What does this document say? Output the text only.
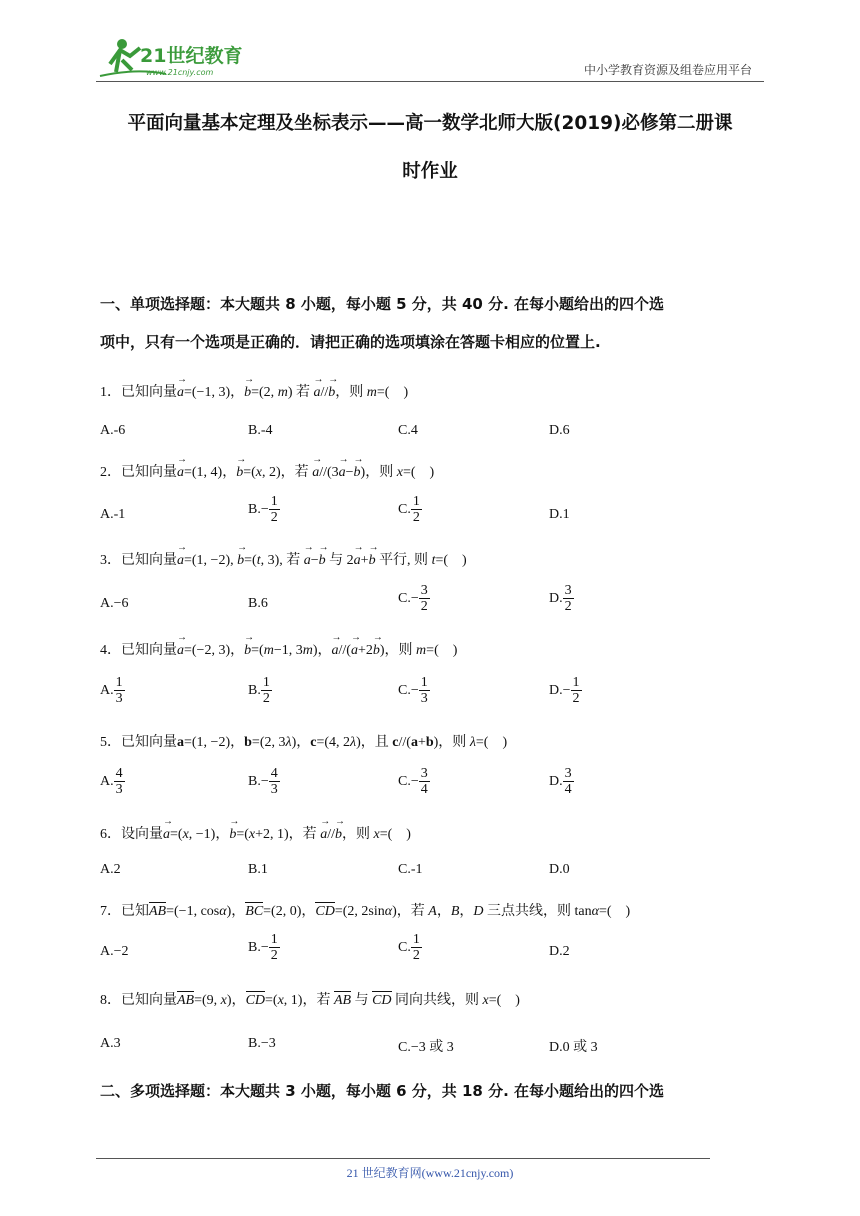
21世纪教育
www.21cnjy.com	中小学教育资源及组卷应用平台
平面向量基本定理及坐标表示——高一数学北师大版(2019)必修第二册课
时作业
一、单项选择题：本大题共 8 小题，每小题 5 分，共 40 分. 在每小题给出的四个选
项中，只有一个选项是正确的．请把正确的选项填涂在答题卡相应的位置上.
1．已知向量→ a=(−1, 3)，→ b=(2, m) 若 → a//→ b，则 m=(    )
A.-6	B.-4	C.4	D.6
2．已知向量→ a=(1, 4)，→ b=(x, 2)，若 → a//(3→ a−→ b)，则 x=(    )
A.-1	$B.- \frac{1}{2}$	C. $\frac{1}{2}$	D.1
3．已知向量→ a=(1, −2), → b=(t, 3), 若 → a−→ b 与 2→ a+→ b 平行, 则 t=(    )
A.−6	B.6	$C.- \frac{3}{2}$	D. $\frac{3}{2}$
4．已知向量→ a=(−2, 3)，→ b=(m−1, 3m)，→ a//(→ a+2→ b)，则 m=(    )
A. $\frac{1}{3}$	B. $\frac{1}{2}$	$C.- \frac{1}{3}$	$D.- \frac{1}{2}$
5．已知向量a=(1, −2)，b=(2, 3λ)，c=(4, 2λ)，且 c//(a+b)，则 λ=(    )
A. $\frac{4}{3}$	$B.- \frac{4}{3}$	$C.- \frac{3}{4}$	D. $\frac{3}{4}$
6．设向量→ a=(x, −1)，→ b=(x+2, 1)，若 → a//→ b，则 x=(    )
A.2	B.1	C.-1	D.0
7．已知AB=(−1, cosα)，BC=(2, 0)，CD=(2, 2sinα)，若 A，B，D 三点共线，则 tanα=(    )
A.−2	$B.- \frac{1}{2}$	C. $\frac{1}{2}$	D.2
8．已知向量AB=(9, x)，CD=(x, 1)，若 AB 与 CD 同向共线，则 x=(    )
A.3	B.−3	C.−3 或 3	D.0 或 3
二、多项选择题：本大题共 3 小题，每小题 6 分，共 18 分. 在每小题给出的四个选
21 世纪教育网(www.21cnjy.com)
